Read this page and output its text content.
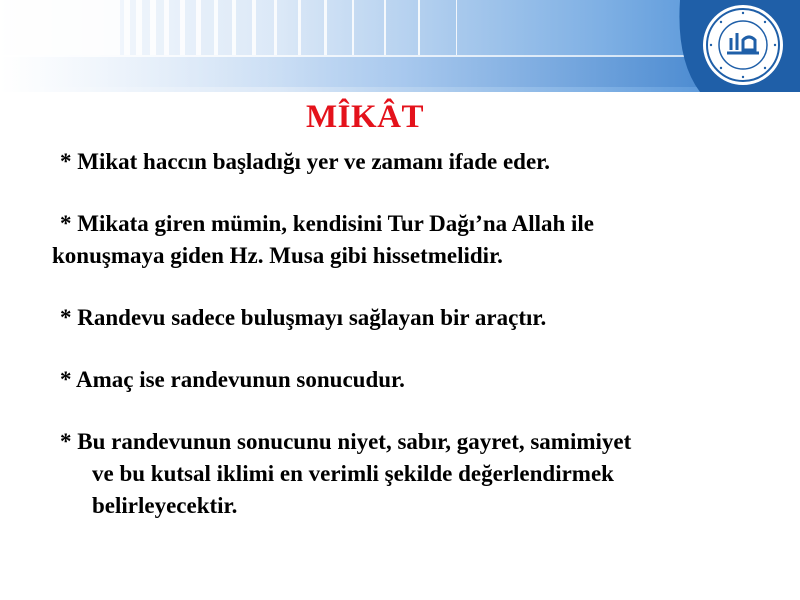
MÎKÂT

* Mikat haccın başladığı yer ve zamanı ifade eder.

* Mikata giren mümin, kendisini Tur Dağı’na Allah ile
konuşmaya giden Hz. Musa gibi hissetmelidir.

* Randevu sadece buluşmayı sağlayan bir araçtır.

* Amaç ise randevunun sonucudur.

* Bu randevunun sonucunu niyet, sabır, gayret, samimiyet
ve bu kutsal iklimi en verimli şekilde değerlendirmek
belirleyecektir.
